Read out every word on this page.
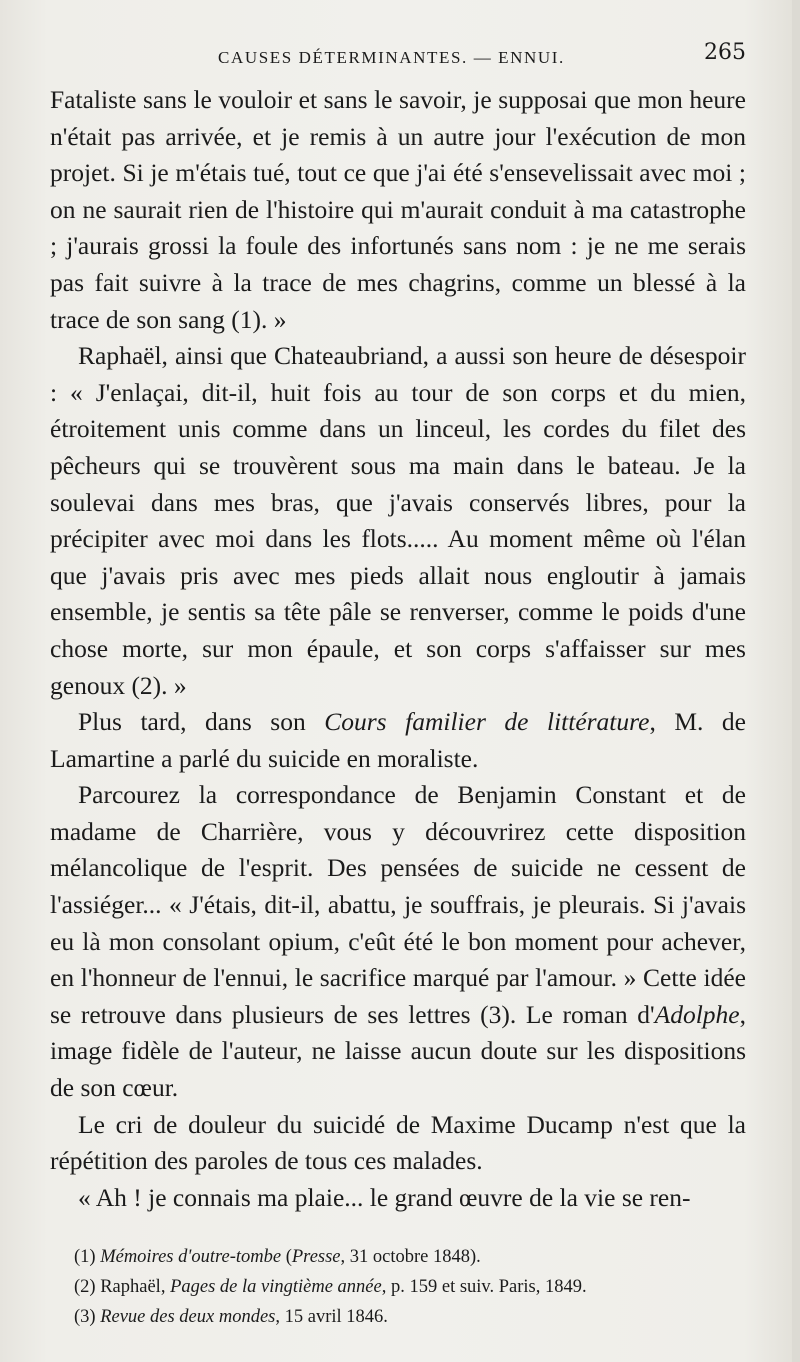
CAUSES DÉTERMINANTES. — ENNUI.	265

Fataliste sans le vouloir et sans le savoir, je supposai que mon heure n'était pas arrivée, et je remis à un autre jour l'exécution de mon projet. Si je m'étais tué, tout ce que j'ai été s'ensevelissait avec moi ; on ne saurait rien de l'histoire qui m'aurait conduit à ma catastrophe ; j'aurais grossi la foule des infortunés sans nom : je ne me serais pas fait suivre à la trace de mes chagrins, comme un blessé à la trace de son sang (1). »

Raphaël, ainsi que Chateaubriand, a aussi son heure de désespoir : « J'enlaçai, dit-il, huit fois au tour de son corps et du mien, étroitement unis comme dans un linceul, les cordes du filet des pêcheurs qui se trouvèrent sous ma main dans le bateau. Je la soulevai dans mes bras, que j'avais conservés libres, pour la précipiter avec moi dans les flots..... Au moment même où l'élan que j'avais pris avec mes pieds allait nous engloutir à jamais ensemble, je sentis sa tête pâle se renverser, comme le poids d'une chose morte, sur mon épaule, et son corps s'affaisser sur mes genoux (2). »

Plus tard, dans son Cours familier de littérature, M. de Lamartine a parlé du suicide en moraliste.

Parcourez la correspondance de Benjamin Constant et de madame de Charrière, vous y découvrirez cette disposition mélancolique de l'esprit. Des pensées de suicide ne cessent de l'assiéger... « J'étais, dit-il, abattu, je souffrais, je pleurais. Si j'avais eu là mon consolant opium, c'eût été le bon moment pour achever, en l'honneur de l'ennui, le sacrifice marqué par l'amour. » Cette idée se retrouve dans plusieurs de ses lettres (3). Le roman d'Adolphe, image fidèle de l'auteur, ne laisse aucun doute sur les dispositions de son cœur.

Le cri de douleur du suicidé de Maxime Ducamp n'est que la répétition des paroles de tous ces malades.

« Ah ! je connais ma plaie... le grand œuvre de la vie se ren-

(1) Mémoires d'outre-tombe (Presse, 31 octobre 1848).
(2) Raphaël, Pages de la vingtième année, p. 159 et suiv. Paris, 1849.
(3) Revue des deux mondes, 15 avril 1846.
